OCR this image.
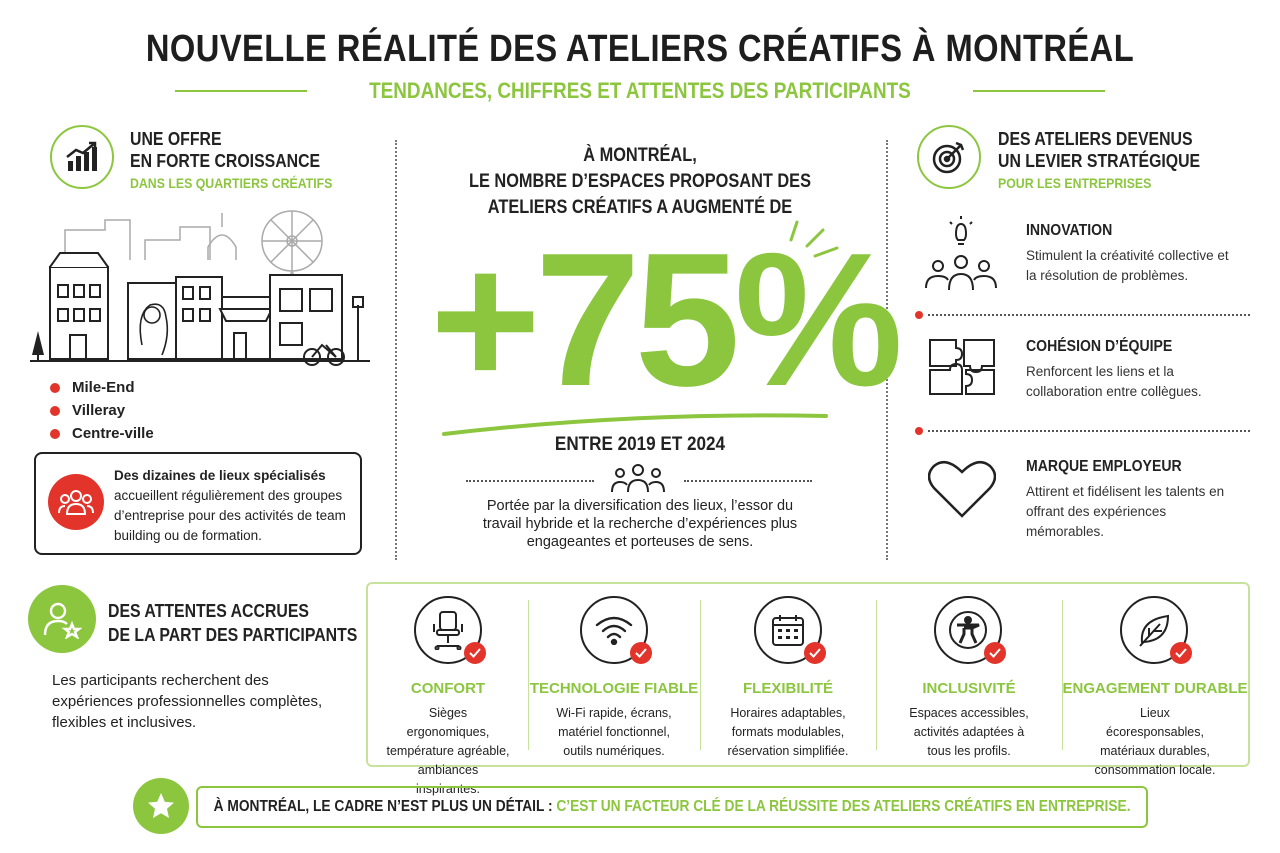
NOUVELLE RÉALITÉ DES ATELIERS CRÉATIFS À MONTRÉAL
TENDANCES, CHIFFRES ET ATTENTES DES PARTICIPANTS
UNE OFFRE
EN FORTE CROISSANCE
DANS LES QUARTIERS CRÉATIFS
Mile-End
Villeray
Centre-ville
Des dizaines de lieux spécialisés
accueillent régulièrement des groupes d’entreprise pour des activités de team building ou de formation.
À MONTRÉAL,
LE NOMBRE D’ESPACES PROPOSANT DES
ATELIERS CRÉATIFS A AUGMENTÉ DE
+75%
ENTRE 2019 ET 2024
Portée par la diversification des lieux, l’essor du travail hybride et la recherche d’expériences plus engageantes et porteuses de sens.
DES ATELIERS DEVENUS
UN LEVIER STRATÉGIQUE
POUR LES ENTREPRISES
INNOVATION
Stimulent la créativité collective et la résolution de problèmes.
COHÉSION D’ÉQUIPE
Renforcent les liens et la collaboration entre collègues.
MARQUE EMPLOYEUR
Attirent et fidélisent les talents en offrant des expériences mémorables.
DES ATTENTES ACCRUES
DE LA PART DES PARTICIPANTS
Les participants recherchent des expériences professionnelles complètes, flexibles et inclusives.
CONFORT
Sièges ergonomiques, température agréable, ambiances inspirantes.
TECHNOLOGIE FIABLE
Wi-Fi rapide, écrans, matériel fonctionnel, outils numériques.
FLEXIBILITÉ
Horaires adaptables, formats modulables, réservation simplifiée.
INCLUSIVITÉ
Espaces accessibles, activités adaptées à tous les profils.
ENGAGEMENT DURABLE
Lieux écoresponsables, matériaux durables, consommation locale.
À MONTRÉAL, LE CADRE N’EST PLUS UN DÉTAIL : C’EST UN FACTEUR CLÉ DE LA RÉUSSITE DES ATELIERS CRÉATIFS EN ENTREPRISE.
